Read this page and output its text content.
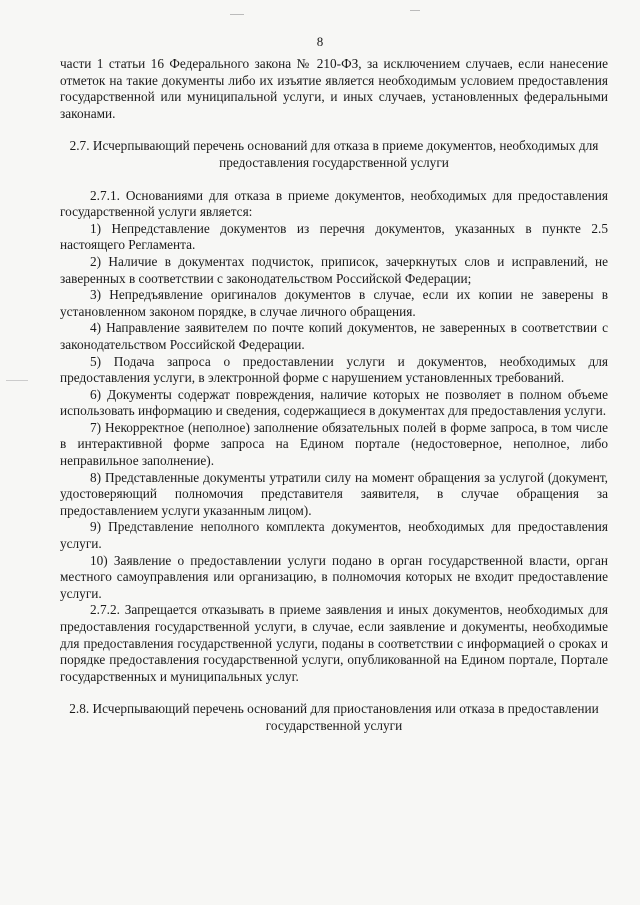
8

части 1 статьи 16 Федерального закона № 210-ФЗ, за исключением случаев, если нанесение отметок на такие документы либо их изъятие является необходимым условием предоставления государственной или муниципальной услуги, и иных случаев, установленных федеральными законами.

2.7. Исчерпывающий перечень оснований для отказа в приеме документов, необходимых для предоставления государственной услуги

2.7.1. Основаниями для отказа в приеме документов, необходимых для предоставления государственной услуги является:

1) Непредставление документов из перечня документов, указанных в пункте 2.5 настоящего Регламента.

2) Наличие в документах подчисток, приписок, зачеркнутых слов и исправлений, не заверенных в соответствии с законодательством Российской Федерации;

3) Непредъявление оригиналов документов в случае, если их копии не заверены в установленном законом порядке, в случае личного обращения.

4) Направление заявителем по почте копий документов, не заверенных в соответствии с законодательством Российской Федерации.

5) Подача запроса о предоставлении услуги и документов, необходимых для предоставления услуги, в электронной форме с нарушением установленных требований.

6) Документы содержат повреждения, наличие которых не позволяет в полном объеме использовать информацию и сведения, содержащиеся в документах для предоставления услуги.

7) Некорректное (неполное) заполнение обязательных полей в форме запроса, в том числе в интерактивной форме запроса на Едином портале (недостоверное, неполное, либо неправильное заполнение).

8) Представленные документы утратили силу на момент обращения за услугой (документ, удостоверяющий полномочия представителя заявителя, в случае обращения за предоставлением услуги указанным лицом).

9) Представление неполного комплекта документов, необходимых для предоставления услуги.

10) Заявление о предоставлении услуги подано в орган государственной власти, орган местного самоуправления или организацию, в полномочия которых не входит предоставление услуги.

2.7.2. Запрещается отказывать в приеме заявления и иных документов, необходимых для предоставления государственной услуги, в случае, если заявление и документы, необходимые для предоставления государственной услуги, поданы в соответствии с информацией о сроках и порядке предоставления государственной услуги, опубликованной на Едином портале, Портале государственных и муниципальных услуг.

2.8. Исчерпывающий перечень оснований для приостановления или отказа в предоставлении государственной услуги
